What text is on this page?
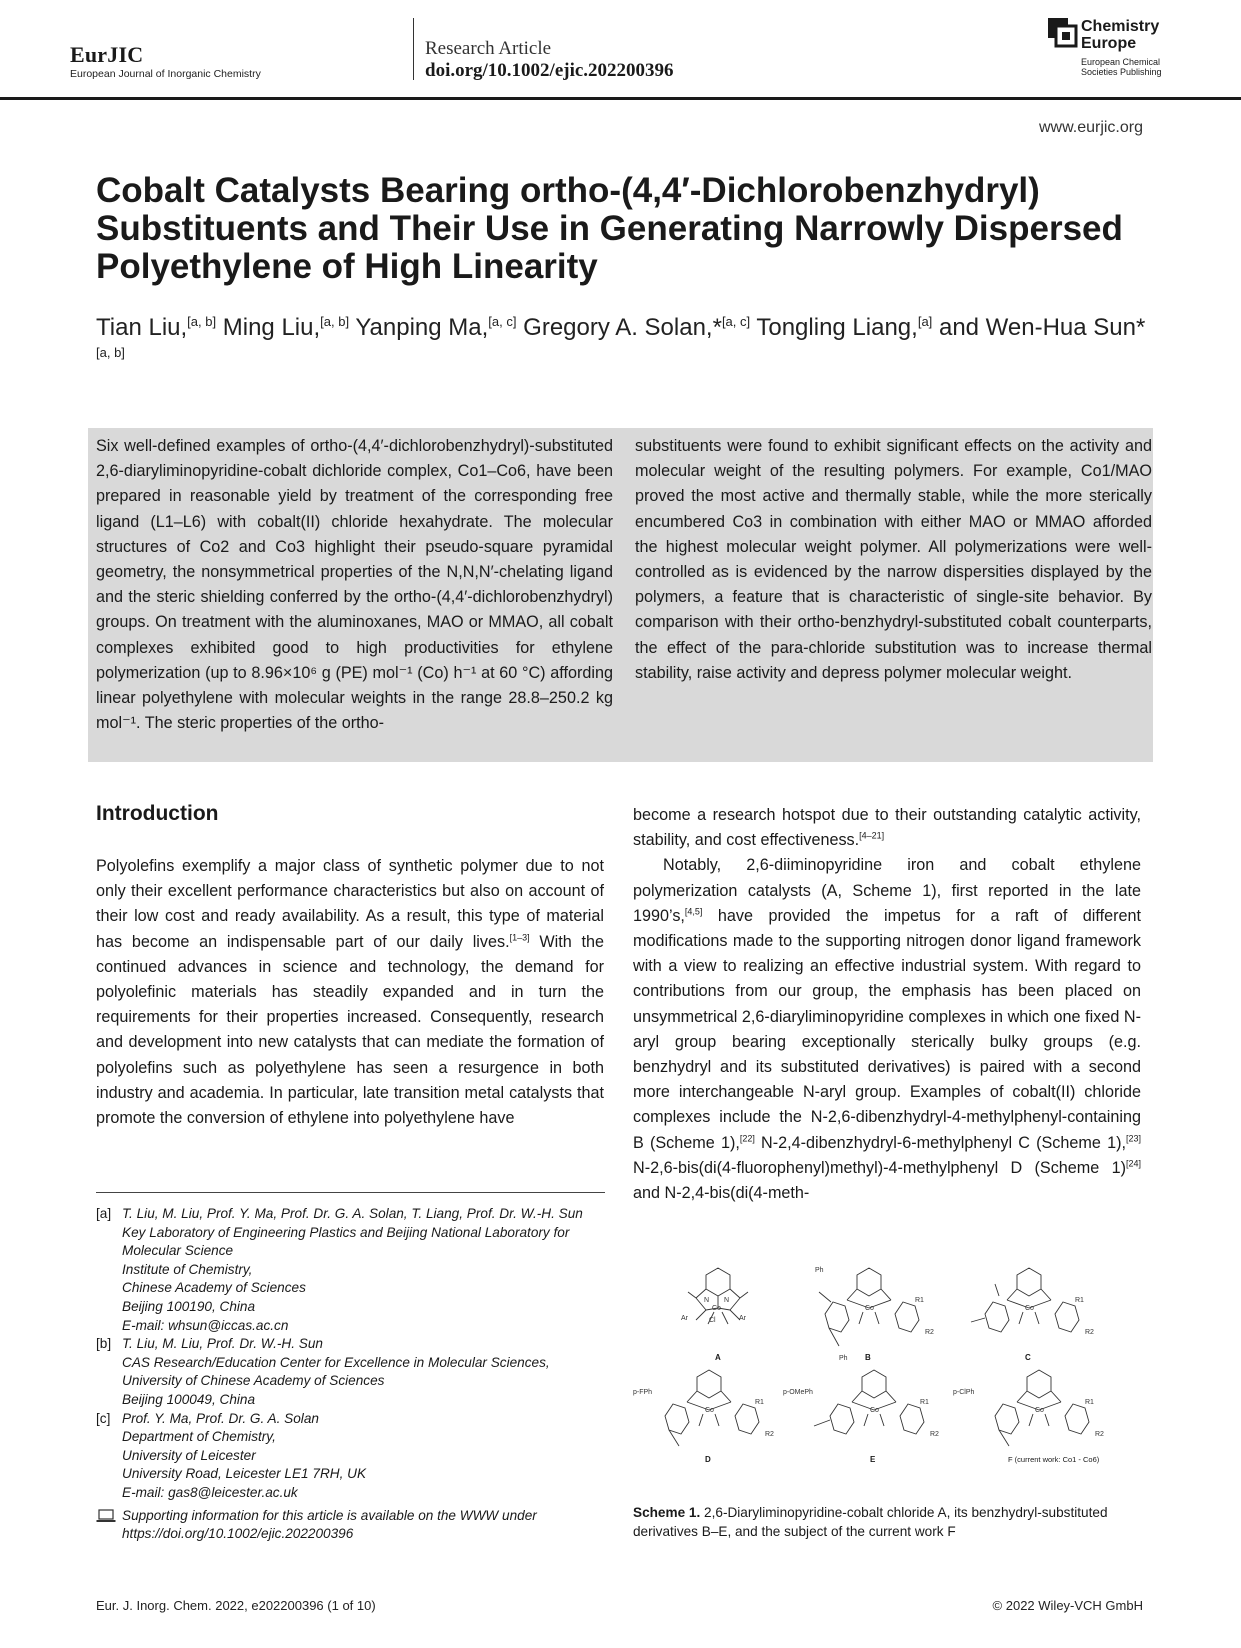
EurJIC
European Journal of Inorganic Chemistry
Research Article
doi.org/10.1002/ejic.202200396
Chemistry
Europe
European Chemical Societies Publishing
www.eurjic.org
Cobalt Catalysts Bearing ortho-(4,4′-Dichlorobenzhydryl) Substituents and Their Use in Generating Narrowly Dispersed Polyethylene of High Linearity
Tian Liu,[a, b] Ming Liu,[a, b] Yanping Ma,[a, c] Gregory A. Solan,*[a, c] Tongling Liang,[a] and Wen-Hua Sun*[a, b]

Six well-defined examples of ortho-(4,4′-dichlorobenzhydryl)-substituted 2,6-diaryliminopyridine-cobalt dichloride complex, Co1–Co6, have been prepared in reasonable yield by treatment of the corresponding free ligand (L1–L6) with cobalt(II) chloride hexahydrate. The molecular structures of Co2 and Co3 highlight their pseudo-square pyramidal geometry, the nonsymmetrical properties of the N,N,N′-chelating ligand and the steric shielding conferred by the ortho-(4,4′-dichlorobenzhydryl) groups. On treatment with the aluminoxanes, MAO or MMAO, all cobalt complexes exhibited good to high productivities for ethylene polymerization (up to 8.96×10⁶ g (PE) mol⁻¹ (Co) h⁻¹ at 60 °C) affording linear polyethylene with molecular weights in the range 28.8–250.2 kg mol⁻¹. The steric properties of the ortho-

substituents were found to exhibit significant effects on the activity and molecular weight of the resulting polymers. For example, Co1/MAO proved the most active and thermally stable, while the more sterically encumbered Co3 in combination with either MAO or MMAO afforded the highest molecular weight polymer. All polymerizations were well-controlled as is evidenced by the narrow dispersities displayed by the polymers, a feature that is characteristic of single-site behavior. By comparison with their ortho-benzhydryl-substituted cobalt counterparts, the effect of the para-chloride substitution was to increase thermal stability, raise activity and depress polymer molecular weight.

Introduction

Polyolefins exemplify a major class of synthetic polymer due to not only their excellent performance characteristics but also on account of their low cost and ready availability. As a result, this type of material has become an indispensable part of our daily lives.[1–3] With the continued advances in science and technology, the demand for polyolefinic materials has steadily expanded and in turn the requirements for their properties increased. Consequently, research and development into new catalysts that can mediate the formation of polyolefins such as polyethylene has seen a resurgence in both industry and academia. In particular, late transition metal catalysts that promote the conversion of ethylene into polyethylene have

become a research hotspot due to their outstanding catalytic activity, stability, and cost effectiveness.[4–21]

Notably, 2,6-diiminopyridine iron and cobalt ethylene polymerization catalysts (A, Scheme 1), first reported in the late 1990’s,[4,5] have provided the impetus for a raft of different modifications made to the supporting nitrogen donor ligand framework with a view to realizing an effective industrial system. With regard to contributions from our group, the emphasis has been placed on unsymmetrical 2,6-diaryliminopyridine complexes in which one fixed N-aryl group bearing exceptionally sterically bulky groups (e.g. benzhydryl and its substituted derivatives) is paired with a second more interchangeable N-aryl group. Examples of cobalt(II) chloride complexes include the N-2,6-dibenzhydryl-4-methylphenyl-containing B (Scheme 1),[22] N-2,4-dibenzhydryl-6-methylphenyl C (Scheme 1),[23] N-2,6-bis(di(4-fluorophenyl)methyl)-4-methylphenyl D (Scheme 1)[24] and N-2,4-bis(di(4-meth-

[a] T. Liu, M. Liu, Prof. Y. Ma, Prof. Dr. G. A. Solan, T. Liang, Prof. Dr. W.-H. Sun
Key Laboratory of Engineering Plastics and Beijing National Laboratory for Molecular Science
Institute of Chemistry,
Chinese Academy of Sciences
Beijing 100190, China
E-mail: whsun@iccas.ac.cn
[b] T. Liu, M. Liu, Prof. Dr. W.-H. Sun
CAS Research/Education Center for Excellence in Molecular Sciences,
University of Chinese Academy of Sciences
Beijing 100049, China
[c] Prof. Y. Ma, Prof. Dr. G. A. Solan
Department of Chemistry,
University of Leicester
University Road, Leicester LE1 7RH, UK
E-mail: gas8@leicester.ac.uk
Supporting information for this article is available on the WWW under https://doi.org/10.1002/ejic.202200396
Co
N N
Cl
Ar	Ar
Ph
Ph
R1
R2
Co	Co
R1
R2
p-FPh
Co
R1
R2
p-OMePh
Co
R1
R2
p-ClPh
Co
R1
R2
A	B	C
D	E	F (current work: Co1 - Co6)
Scheme 1. 2,6-Diaryliminopyridine-cobalt chloride A, its benzhydryl-substituted derivatives B–E, and the subject of the current work F
Eur. J. Inorg. Chem. 2022, e202200396 (1 of 10)	© 2022 Wiley-VCH GmbH
